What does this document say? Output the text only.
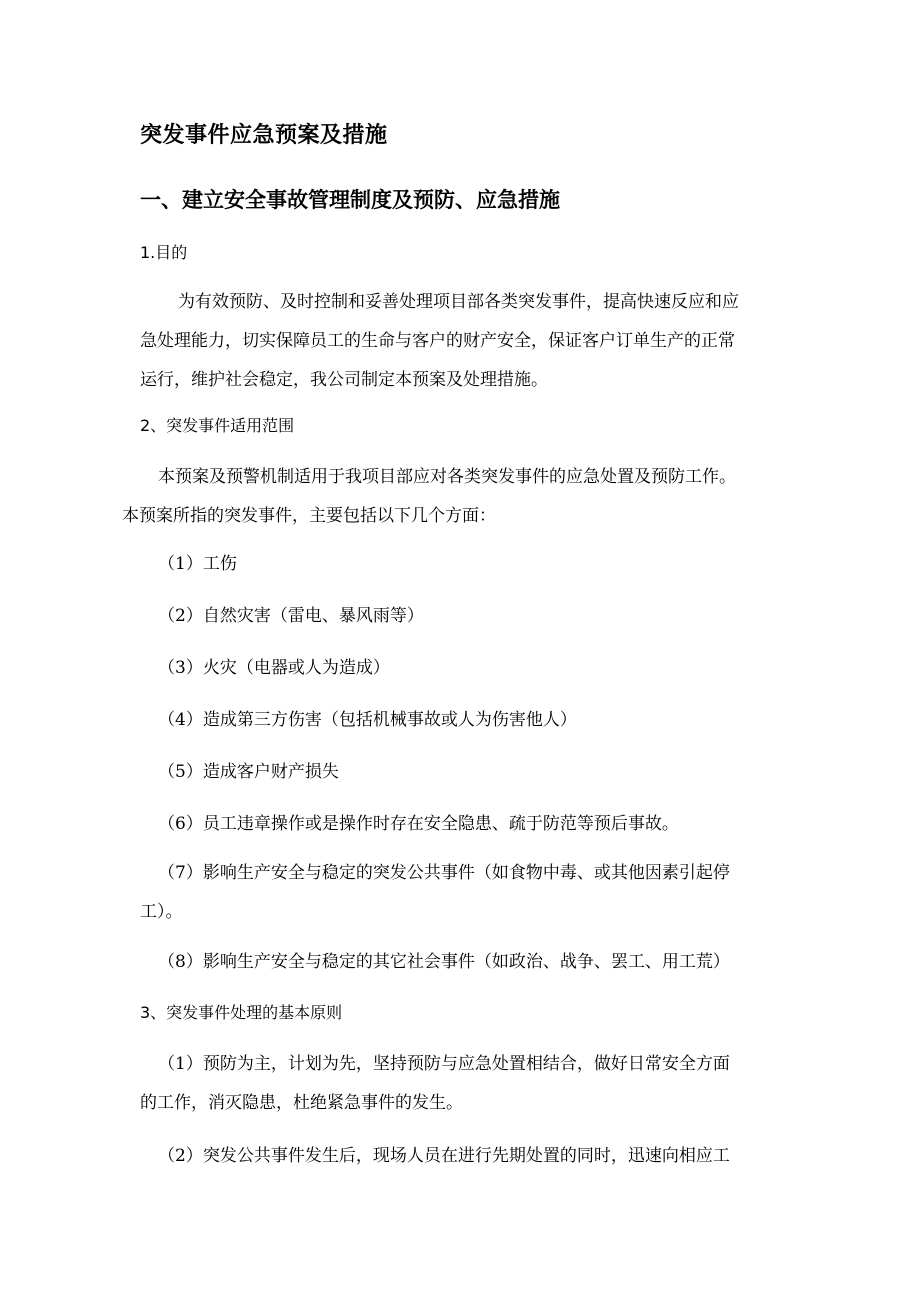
突发事件应急预案及措施
一、建立安全事故管理制度及预防、应急措施
1.目的
为有效预防、及时控制和妥善处理项目部各类突发事件，提高快速反应和应
急处理能力，切实保障员工的生命与客户的财产安全，保证客户订单生产的正常
运行，维护社会稳定，我公司制定本预案及处理措施。
2、突发事件适用范围
本预案及预警机制适用于我项目部应对各类突发事件的应急处置及预防工作。
本预案所指的突发事件，主要包括以下几个方面：
（1）工伤
（2）自然灾害（雷电、暴风雨等）
（3）火灾（电器或人为造成）
（4）造成第三方伤害（包括机械事故或人为伤害他人）
（5）造成客户财产损失
（6）员工违章操作或是操作时存在安全隐患、疏于防范等预后事故。
（7）影响生产安全与稳定的突发公共事件（如食物中毒、或其他因素引起停
工）。
（8）影响生产安全与稳定的其它社会事件（如政治、战争、罢工、用工荒）
3、突发事件处理的基本原则
（1）预防为主，计划为先，坚持预防与应急处置相结合，做好日常安全方面
的工作，消灭隐患，杜绝紧急事件的发生。
（2）突发公共事件发生后，现场人员在进行先期处置的同时，迅速向相应工
